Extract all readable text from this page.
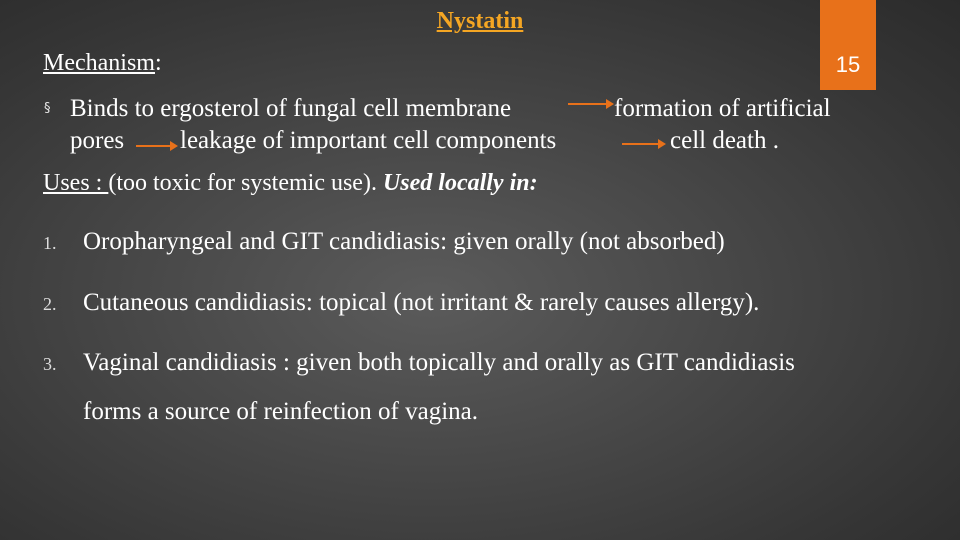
Nystatin
15
Mechanism:
§ Binds to ergosterol of fungal cell membrane	formation of artificial
pores leakage of important cell components	cell death .
Uses : (too toxic for systemic use). Used locally in:
1. Oropharyngeal and GIT candidiasis: given orally (not absorbed)
2. Cutaneous candidiasis: topical (not irritant & rarely causes allergy).
3. Vaginal candidiasis : given both topically and orally as GIT candidiasis
forms a source of reinfection of vagina.
